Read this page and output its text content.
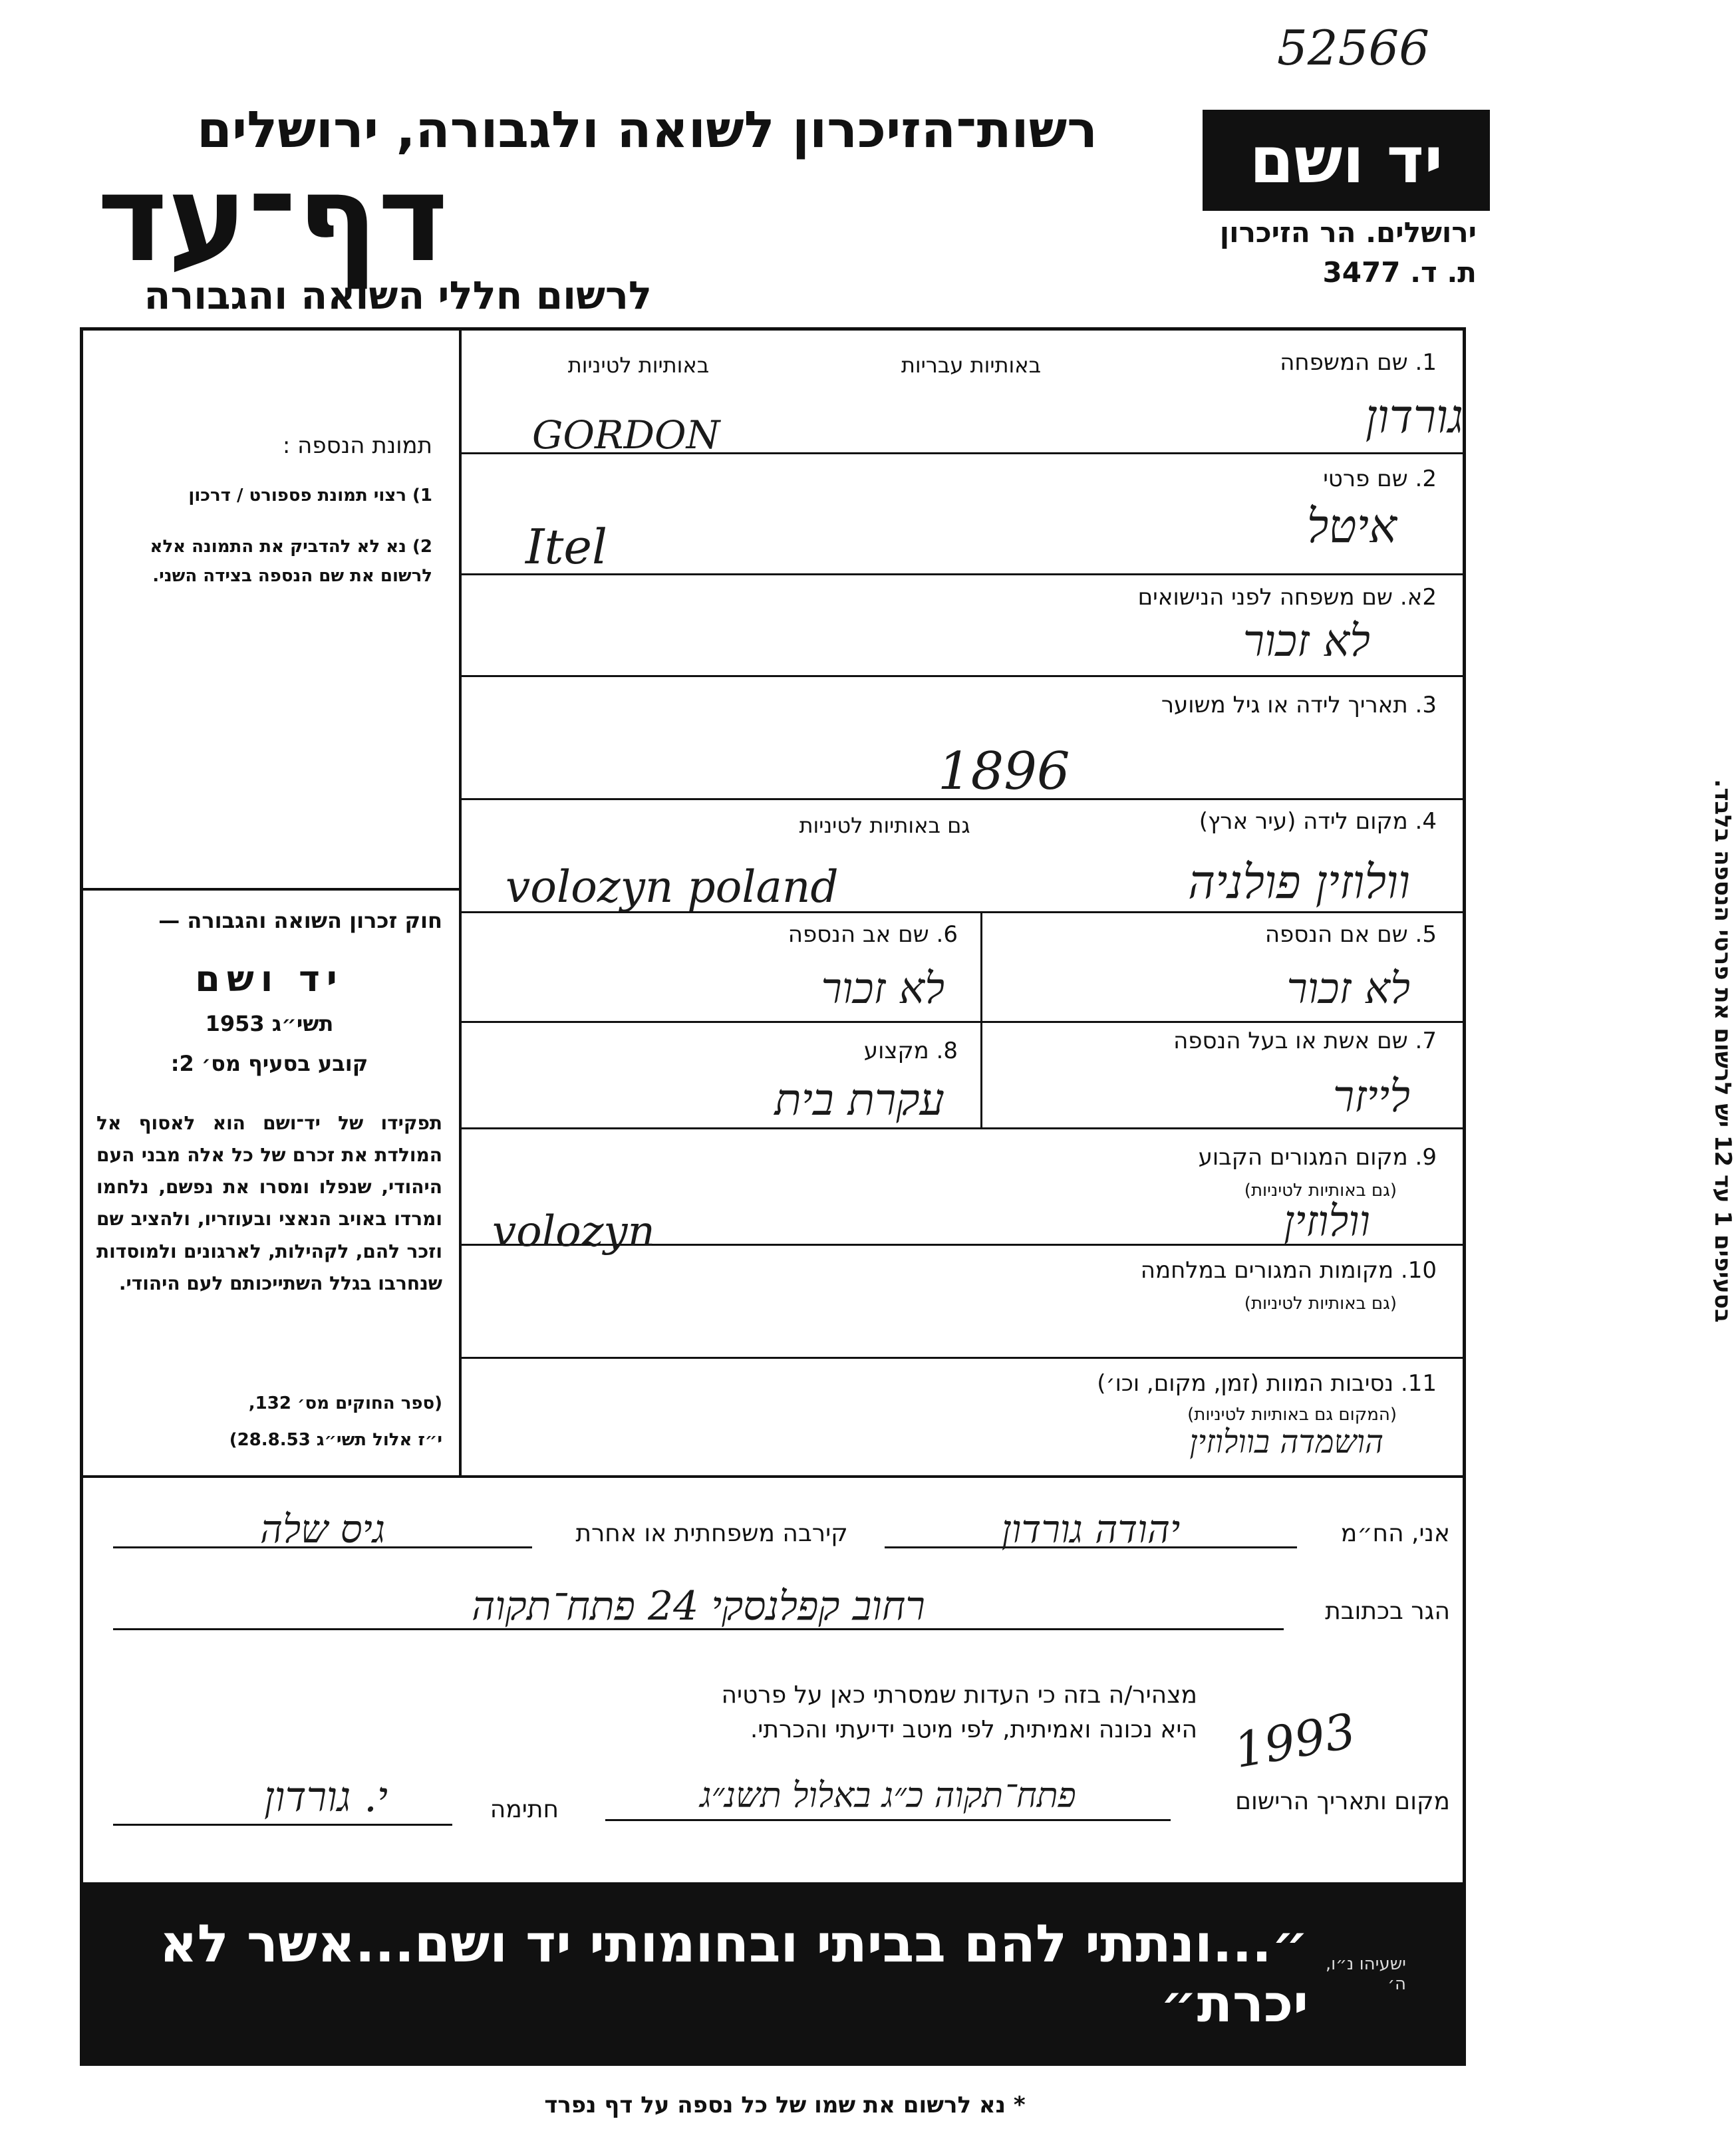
52566
רשות־הזיכרון לשואה ולגבורה, ירושלים
דף־עד
לרשום חללי השואה והגבורה
יד ושם
ירושלים. הר הזיכרון
ת. ד. 3477
תמונת הנספה :
1) רצוי תמונת פספורט / דרכון
2) נא לא להדביק את התמונה אלא לרשום את שם הנספה בצידה השני.
חוק זכרון השואה והגבורה —
יד ושם
תשי״ג 1953
קובע בסעיף מס׳ 2:
תפקידו של יד־ושם הוא לאסוף אל המולדת את זכרם של כל אלה מבני העם היהודי, שנפלו ומסרו את נפשם, נלחמו ומרדו באויב הנאצי ובעוזריו, ולהציב שם וזכר להם, לקהילות, לארגונים ולמוסדות שנחרבו בגלל השתייכותם לעם היהודי.
(ספר החוקים מס׳ 132,
י״ז אלול תשי״ג 28.8.53)
בסעיפים 1 עד 12 יש לרשום את פרטי הנספה בלבד.
1. שם המשפחה
באותיות עבריות
באותיות לטיניות
גורדון
GORDON
2. שם פרטי
איטל
Itel
2א. שם משפחה לפני הנישואים
לא זכור
3. תאריך לידה או גיל משוער
1896
4. מקום לידה (עיר ארץ)
גם באותיות לטיניות
וולוזין פולניה
volozyn poland
5. שם אם הנספה
לא זכור
6. שם אב הנספה
לא זכור
7. שם אשת או בעל הנספה
לייזר
8. מקצוע
עקרת בית
9. מקום המגורים הקבוע
(גם באותיות לטיניות)
וולוזין
volozyn
10. מקומות המגורים במלחמה
(גם באותיות לטיניות)
11. נסיבות המוות (זמן, מקום, וכו׳)
(המקום גם באותיות לטיניות)
הושמדה בוולוזין
אני, הח״מ
יהודה גורדון
קירבה משפחתית או אחרת
גיס שלה
הגר בכתובת
רחוב קפלנסקי 24 פתח־תקוה
מצהיר/ה בזה כי העדות שמסרתי כאן על פרטיה
היא נכונה ואמיתית, לפי מיטב ידיעתי והכרתי. 1993
מקום ותאריך הרישום
פתח־תקוה כ״ג באלול תשנ״ג
חתימה
י. גורדון
ישעיהו נ״ו, ה׳
״...ונתתי להם בביתי ובחומותי יד ושם...אשר לא יכרת״
* נא לרשום את שמו של כל נספה על דף נפרד
